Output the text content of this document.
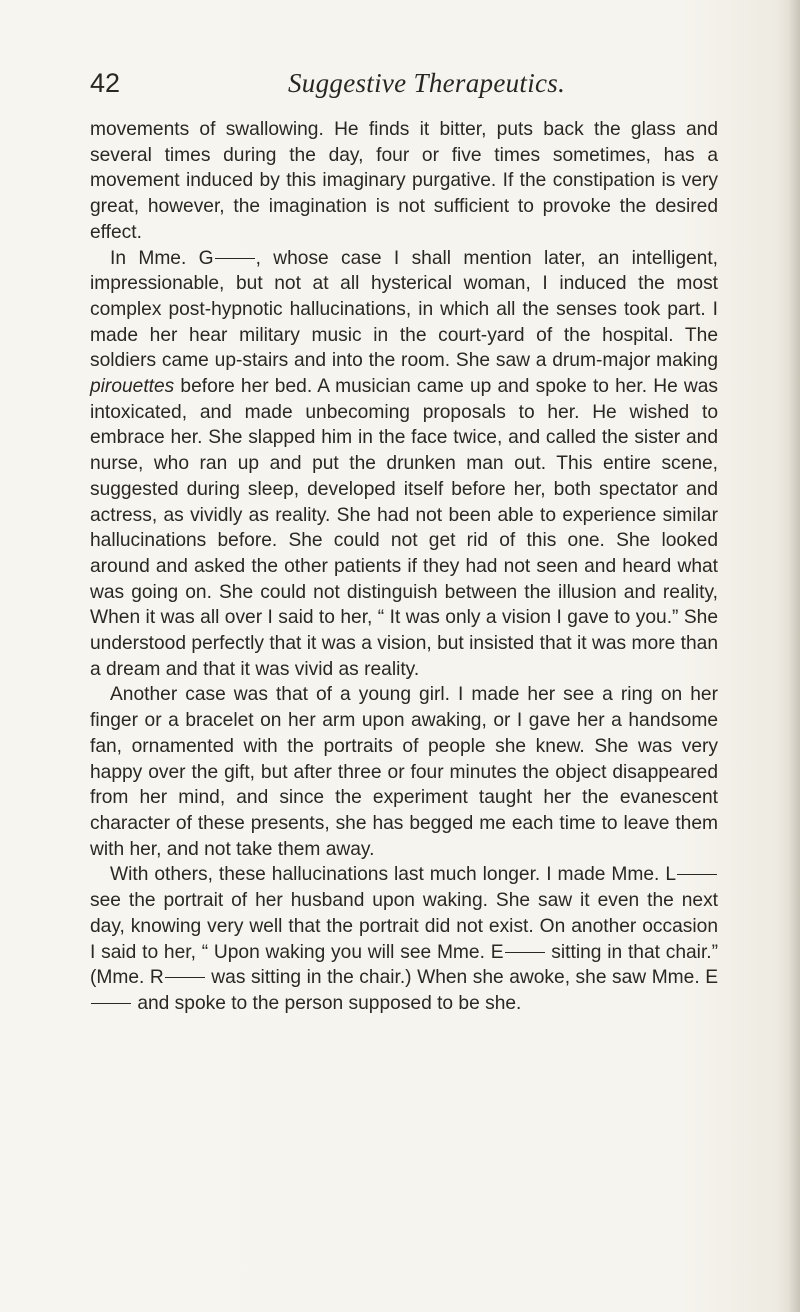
42	Suggestive Therapeutics.

movements of swallowing. He finds it bitter, puts back the glass and several times during the day, four or five times sometimes, has a movement induced by this imaginary purgative. If the constipation is very great, however, the imagination is not sufficient to provoke the desired effect.

In Mme. G , whose case I shall mention later, an intelligent, impressionable, but not at all hysterical woman, I induced the most complex post-hypnotic hallucinations, in which all the senses took part. I made her hear military music in the court-yard of the hospital. The soldiers came up-stairs and into the room. She saw a drum-major making pirouettes before her bed. A musician came up and spoke to her. He was intoxicated, and made unbecoming proposals to her. He wished to embrace her. She slapped him in the face twice, and called the sister and nurse, who ran up and put the drunken man out. This entire scene, suggested during sleep, developed itself before her, both spectator and actress, as vividly as reality. She had not been able to experience similar hallucinations before. She could not get rid of this one. She looked around and asked the other patients if they had not seen and heard what was going on. She could not distinguish between the illusion and reality, When it was all over I said to her, “ It was only a vision I gave to you.” She understood perfectly that it was a vision, but insisted that it was more than a dream and that it was vivid as reality.

Another case was that of a young girl. I made her see a ring on her finger or a bracelet on her arm upon awaking, or I gave her a handsome fan, ornamented with the portraits of people she knew. She was very happy over the gift, but after three or four minutes the object disappeared from her mind, and since the experiment taught her the evanescent character of these presents, she has begged me each time to leave them with her, and not take them away.

With others, these hallucinations last much longer. I made Mme. L see the portrait of her husband upon waking. She saw it even the next day, knowing very well that the portrait did not exist. On another occasion I said to her, “ Upon waking you will see Mme. E sitting in that chair.” (Mme. R was sitting in the chair.) When she awoke, she saw Mme. E and spoke to the person supposed to be she.
